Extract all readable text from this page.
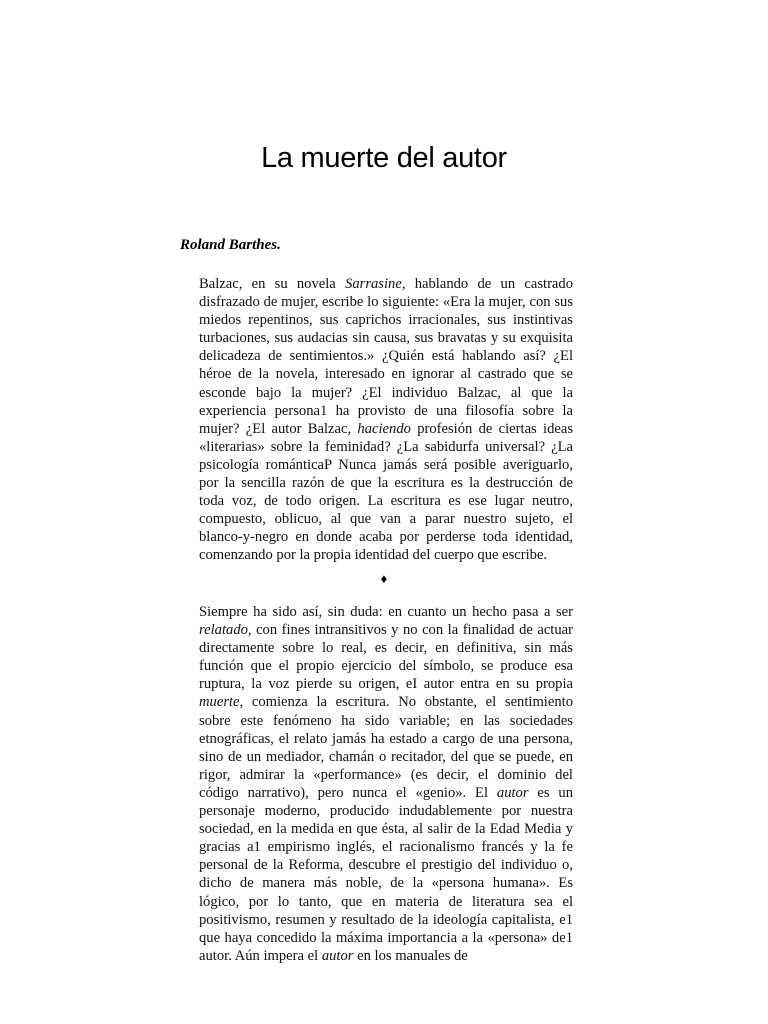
La muerte del autor

Roland Barthes.

Balzac, en su novela Sarrasine, hablando de un castrado disfrazado de mujer, escribe lo siguiente: «Era la mujer, con sus miedos repentinos, sus caprichos irracionales, sus instintivas turbaciones, sus audacias sin causa, sus bravatas y su exquisita delicadeza de sentimientos.» ¿Quién está hablando así? ¿El héroe de la novela, interesado en ignorar al castrado que se esconde bajo la mujer? ¿El individuo Balzac, al que la experiencia persona1 ha provisto de una filosofía sobre la mujer? ¿El autor Balzac, haciendo profesión de ciertas ideas «literarias» sobre la feminidad? ¿La sabidurfa universal? ¿La psicología románticaP Nunca jamás será posible averiguarlo, por la sencilla razón de que la escritura es la destrucción de toda voz, de todo origen. La escritura es ese lugar neutro, compuesto, oblicuo, al que van a parar nuestro sujeto, el blanco-y-negro en donde acaba por perderse toda identidad, comenzando por la propia identidad del cuerpo que escribe.

♦

Siempre ha sido así, sin duda: en cuanto un hecho pasa a ser relatado, con fines intransitivos y no con la finalidad de actuar directamente sobre lo real, es decir, en definitiva, sin más función que el propio ejercicio del símbolo, se produce esa ruptura, la voz pierde su origen, eI autor entra en su propia muerte, comienza la escritura. No obstante, el sentimiento sobre este fenómeno ha sido variable; en las sociedades etnográficas, el relato jamás ha estado a cargo de una persona, sino de un mediador, chamán o recitador, del que se puede, en rigor, admirar la «performance» (es decir, el dominio del código narrativo), pero nunca el «genio». El autor es un personaje moderno, producido indudablemente por nuestra sociedad, en la medida en que ésta, al salir de la Edad Media y gracias a1 empirismo inglés, el racionalismo francés y la fe personal de la Reforma, descubre el prestigio del individuo o, dicho de manera más noble, de la «persona humana». Es lógico, por lo tanto, que en materia de literatura sea el positivismo, resumen y resultado de la ideología capitalista, e1 que haya concedido la máxima importancia a la «persona» de1 autor. Aún impera el autor en los manuales de
